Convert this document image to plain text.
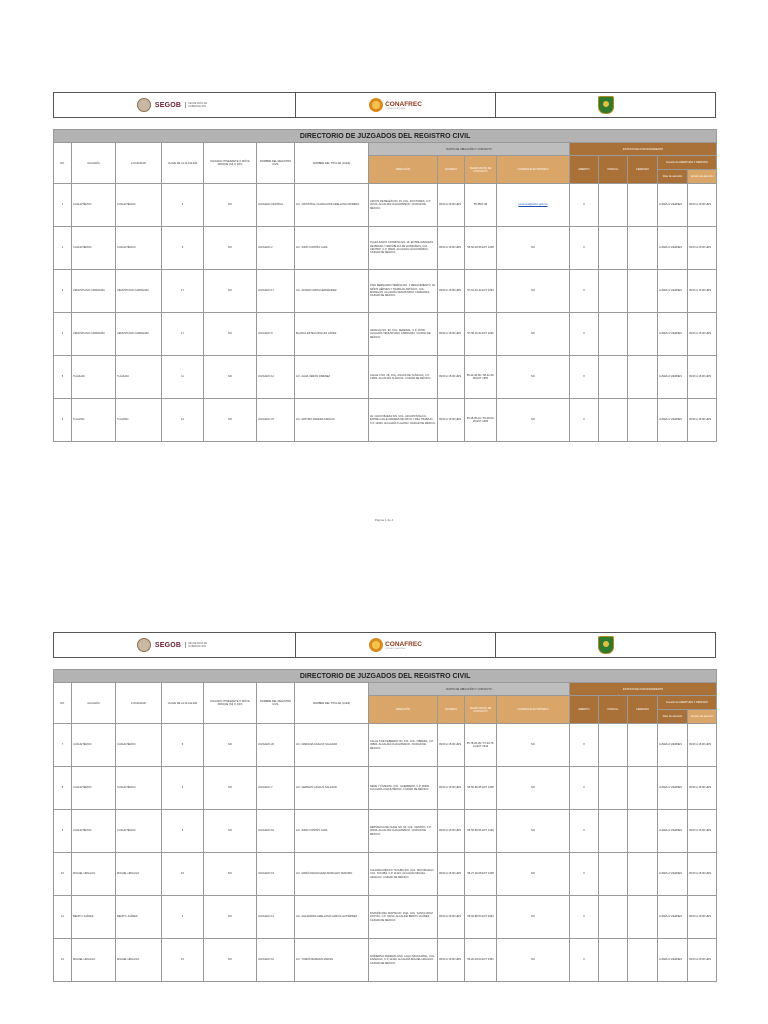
SEGOB	SECRETARÍA DE GOBERNACIÓN	CONAFREC
CONSEJO NACIONAL
DIRECTORIO DE JUZGADOS DEL REGISTRO CIVIL															
NO.	ALCALDÍA	LOCALIDAD	CLAVE DE LA ALCALDÍA	JUZGADO ITINERANTE O MÓVIL INDIQUE (SÍ) O (NO)	NOMBRE DEL REGISTRO CIVIL	NOMBRE DEL TITULAR (JUEZ)	DATOS DE UBICACIÓN Y CONTACTO				ESTATUS DE FUNCIONAMIENTO				
							DIRECCIÓN	HORARIO	TELÉFONO(S) DE CONTACTO	CORREO ELECTRÓNICO	ABIERTO	PARCIAL	CERRADO	Horario de APERTURA Y PERIODO	
														Días de atención	Horario de atención
1	CUAUHTÉMOC	CUAUHTÉMOC	6	NO	JUZGADO CENTRAL	LIC. CRISTÓFAL GUADALUPE ARELLANO MORENO	ARCOS DE BELÉN NO. 19, COL. DOCTORES, C.P. 06720, ALCALDÍA CUAUHTÉMOC, CIUDAD DE MÉXICO.	09:00 A 15:00 HRS	55-5567-08	juzcentral@cdmx.gob.mx	X			LUNES A VIERNES	09:00 A 15:00 HRS
2	CUAUHTÉMOC	CUAUHTÉMOC	6	NO	JUZGADO 2	LIC. SIRIO CORTÉS LARA	PLAZA SANTA CATARINA NO. 16, ENTRE AVENIDAS DE BRASIL Y REPÚBLICA DE HONDURAS, COL. CENTRO, C.P. 06020, ALCALDÍA CUAUHTÉMOC, CIUDAD DE MÉXICO.	09:00 A 15:00 HRS	55-56-18-56 EXT 1268	NO	X			LUNES A VIERNES	09:00 A 15:00 HRS
3	VENUSTIANO CARRANZA	VENUSTIANO CARRANZA	17	NO	JUZGADO 17	LIC. ALVARO GRITA HERNÁNDEZ	PISO BERNARDO TERESA NO. 1 RENACIMIENTO, AV. NIÑOS HÉROES Y TRABAJO ANTIGUO, COL. MORELOS, ALCALDÍA VENUSTIANO CARRANZA, CIUDAD DE MÉXICO.	09:00 A 15:00 HRS	57-64-33-43 EXT 2294	NO	X			LUNES A VIERNES	09:00 A 15:00 HRS
4	VENUSTIANO CARRANZA	VENUSTIANO CARRANZA	17	NO	JUZGADO 9	BLANCA ESTELA BOLUNI LÓPEZ	HIDALGO NO. 93, COL. FEDERAL, C.P. 15700, ALCALDÍA VENUSTIANO CARRANZA, CIUDAD DE MÉXICO.	09:00 A 15:00 HRS	57-58-16-53 EXT 2266	NO	X			LUNES A VIERNES	09:00 A 15:00 HRS
5	TLÁHUAC	TLÁHUAC	11	NO	JUZGADO 12	LIC. ALMA VERÓN JIMÉNEZ	CALLE 3 NO. 28, COL. AGUAS DE TLÁHUAC, C.P. 13000, ALCALDÍA TLÁHUAC, CIUDAD DE MÉXICO.	09:00 A 15:00 HRS	58-42-36-96 / 58-42-36-80 EXT 1665	NO	X			LUNES A VIERNES	09:00 A 15:00 HRS
6	TLALPAN	TLALPAN	12	NO	JUZGADO 37	LIC. ARTURO PARERA FARGAS	AV. CHICO BAEZA S/N, COL. AZCAPOTZALCO, ENTRE CALLE MADRES DE MAYO Y DEL TRABAJO, C.P. 14000, ALCALDÍA TLALPAN, CIUDAD DE MÉXICO.	09:00 A 15:00 HRS	55-48-95-16 / 55-48-90-20 EXT 1605	NO	X			LUNES A VIERNES	09:00 A 15:00 HRS
Página 1 de 4
SEGOB	SECRETARÍA DE GOBERNACIÓN	CONAFREC
CONSEJO NACIONAL
DIRECTORIO DE JUZGADOS DEL REGISTRO CIVIL															
NO.	ALCALDÍA	LOCALIDAD	CLAVE DE LA ALCALDÍA	JUZGADO ITINERANTE O MÓVIL INDIQUE (SÍ) O (NO)	NOMBRE DEL REGISTRO CIVIL	NOMBRE DEL TITULAR (JUEZ)	DATOS DE UBICACIÓN Y CONTACTO				ESTATUS DE FUNCIONAMIENTO				
							DIRECCIÓN	HORARIO	TELÉFONO(S) DE CONTACTO	CORREO ELECTRÓNICO	ABIERTO	PARCIAL	CERRADO	Horario de APERTURA Y PERIODO	
														Días de atención	Horario de atención
7	CUAUHTÉMOC	CUAUHTÉMOC	6	NO	JUZGADO 26	LIC. MARIANA CASAUX SALAZAR	CALLE 5 DE FEBRERO NO. 151, COL. OBRERA, C.P. 06800, ALCALDÍA CUAUHTÉMOC, CIUDAD DE MÉXICO.	09:00 A 15:00 HRS	55-78-06-09 / 57-40-76-41 EXT 1643	NO	X			LUNES A VIERNES	09:00 A 15:00 HRS
8	CUAUHTÉMOC	CUAUHTÉMOC	6	NO	JUZGADO 7	LIC. GERMAN CASAUX SALAZAR	SEDE Y VIVIENTA, COL. GUERRERO, C.P. 06300, ALCALDÍA CUAUHTÉMOC, CIUDAD DE MÉXICO.	09:00 A 15:00 HRS	55-56-86-56 EXT 1268	NO	X			LUNES A VIERNES	09:00 A 15:00 HRS
9	CUAUHTÉMOC	CUAUHTÉMOC	6	NO	JUZGADO 16	LIC. SIRIO CORTÉS LARA	REPÚBLICA DE CHILE NO. 93, COL. CENTRO, C.P. 06010, ALCALDÍA CUAUHTÉMOC, CIUDAD DE MÉXICO.	09:00 A 15:00 HRS	55-56-86-56 EXT 1269	NO	X			LUNES A VIERNES	09:00 A 15:00 HRS
10	MIGUEL HIDALGO	MIGUEL HIDALGO	16	NO	JUZGADO 19	LIC. MARÍA MAGDALENA MORALES TENORIO	CALZADA MÉXICO TACUBA S/N, COL. MAYORAZGO, COL. TACUBA, C.P. 11410, ALCALDÍA MIGUEL HIDALGO, CIUDAD DE MÉXICO.	09:00 A 15:00 HRS	55-27-29-08 EXT 1268	NO	X			LUNES A VIERNES	09:00 A 15:00 HRS
11	BENITO JUÁREZ	BENITO JUÁREZ	3	NO	JUZGADO 14	LIC. ALEJANDRA ARELLANO GARCÍA GUTIÉRREZ	DIVISIÓN DEL NORTE NO. 1611, COL. SANTA CRUZ ATOYAC, C.P. 03310, ALCALDÍA BENITO JUÁREZ, CIUDAD DE MÉXICO.	09:00 A 15:00 HRS	55-60-88-53 EXT 2293	NO	X			LUNES A VIERNES	09:00 A 15:00 HRS
12	MIGUEL HIDALGO	MIGUEL HIDALGO	16	NO	JUZGADO 10	LIC. TOMÁS BARRAIN MADAN	GOBIERNO FEDERAL ESQ. LAGO NEUCHATEL, COL. ANÁHUAC, C.P. 11320, ALCALDÍA MIGUEL HIDALGO, CIUDAD DE MÉXICO.	09:00 A 15:00 HRS	55-20-18-00 EXT 2351	NO	X			LUNES A VIERNES	09:00 A 15:00 HRS
